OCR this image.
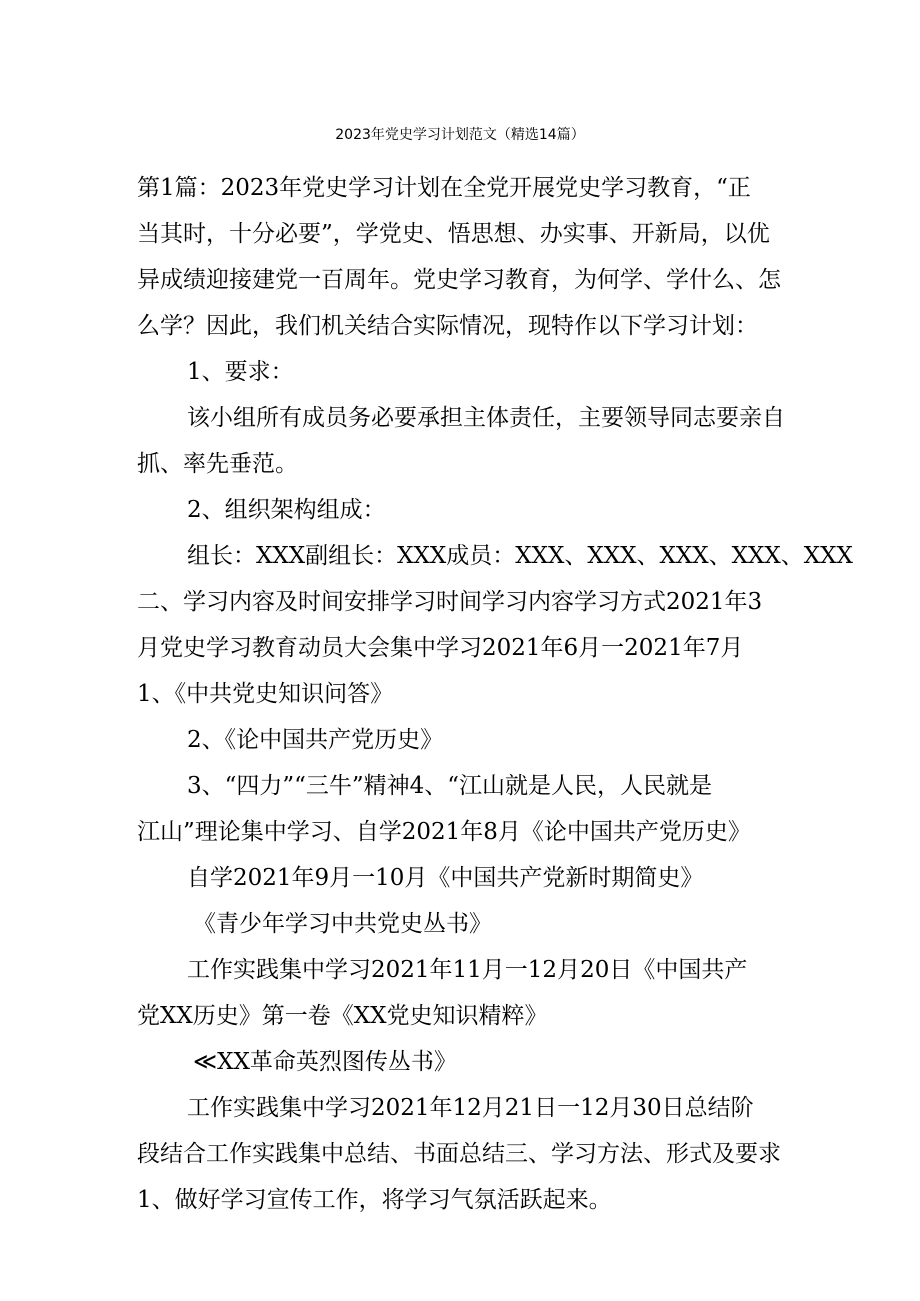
2023年党史学习计划范文（精选14篇）

第1篇：2023年党史学习计划在全党开展党史学习教育，“正

当其时，十分必要”，学党史、悟思想、办实事、开新局，以优

异成绩迎接建党一百周年。党史学习教育，为何学、学什么、怎

么学？因此，我们机关结合实际情况，现特作以下学习计划：

1、要求：

该小组所有成员务必要承担主体责任，主要领导同志要亲自

抓、率先垂范。

2、组织架构组成：

组长：XXX副组长：XXX成员：XXX、XXX、XXX、XXX、XXX

二、学习内容及时间安排学习时间学习内容学习方式2021年3

月党史学习教育动员大会集中学习2021年6月一2021年7月

1、《中共党史知识问答》

2、《论中国共产党历史》

3、“四力”“三牛”精神4、“江山就是人民，人民就是

江山”理论集中学习、自学2021年8月《论中国共产党历史》

自学2021年9月一10月《中国共产党新时期简史》

《青少年学习中共党史丛书》

工作实践集中学习2021年11月一12月20日《中国共产

党XX历史》第一卷《XX党史知识精粹》

≪XX革命英烈图传丛书》

工作实践集中学习2021年12月21日一12月30日总结阶

段结合工作实践集中总结、书面总结三、学习方法、形式及要求

1、做好学习宣传工作，将学习气氛活跃起来。
